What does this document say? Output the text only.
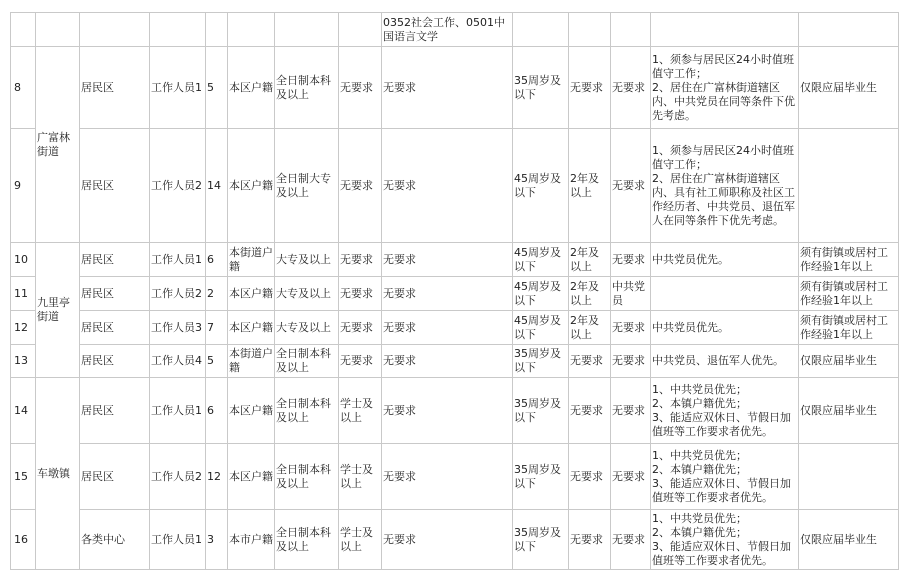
								0352社会工作、0501中国语言文学					
8	广富林街道	居民区	工作人员1	5	本区户籍	全日制本科及以上	无要求	无要求	35周岁及以下	无要求	无要求	1、须参与居民区24小时值班值守工作；
2、居住在广富林街道辖区内、中共党员在同等条件下优先考虑。	仅限应届毕业生
9		居民区	工作人员2	14	本区户籍	全日制大专及以上	无要求	无要求	45周岁及以下	2年及以上	无要求	1、须参与居民区24小时值班值守工作；
2、居住在广富林街道辖区内、具有社工师职称及社区工作经历者、中共党员、退伍军人在同等条件下优先考虑。	
10	九里亭街道	居民区	工作人员1	6	本街道户籍	大专及以上	无要求	无要求	45周岁及以下	2年及以上	无要求	中共党员优先。	须有街镇或居村工作经验1年以上
11		居民区	工作人员2	2	本区户籍	大专及以上	无要求	无要求	45周岁及以下	2年及以上	中共党员		须有街镇或居村工作经验1年以上
12		居民区	工作人员3	7	本区户籍	大专及以上	无要求	无要求	45周岁及以下	2年及以上	无要求	中共党员优先。	须有街镇或居村工作经验1年以上
13		居民区	工作人员4	5	本街道户籍	全日制本科及以上	无要求	无要求	35周岁及以下	无要求	无要求	中共党员、退伍军人优先。	仅限应届毕业生
14	车墩镇	居民区	工作人员1	6	本区户籍	全日制本科及以上	学士及以上	无要求	35周岁及以下	无要求	无要求	1、中共党员优先；
2、本镇户籍优先；
3、能适应双休日、节假日加值班等工作要求者优先。	仅限应届毕业生
15		居民区	工作人员2	12	本区户籍	全日制本科及以上	学士及以上	无要求	35周岁及以下	无要求	无要求	1、中共党员优先；
2、本镇户籍优先；
3、能适应双休日、节假日加值班等工作要求者优先。	
16		各类中心	工作人员1	3	本市户籍	全日制本科及以上	学士及以上	无要求	35周岁及以下	无要求	无要求	1、中共党员优先；
2、本镇户籍优先；
3、能适应双休日、节假日加值班等工作要求者优先。	仅限应届毕业生
